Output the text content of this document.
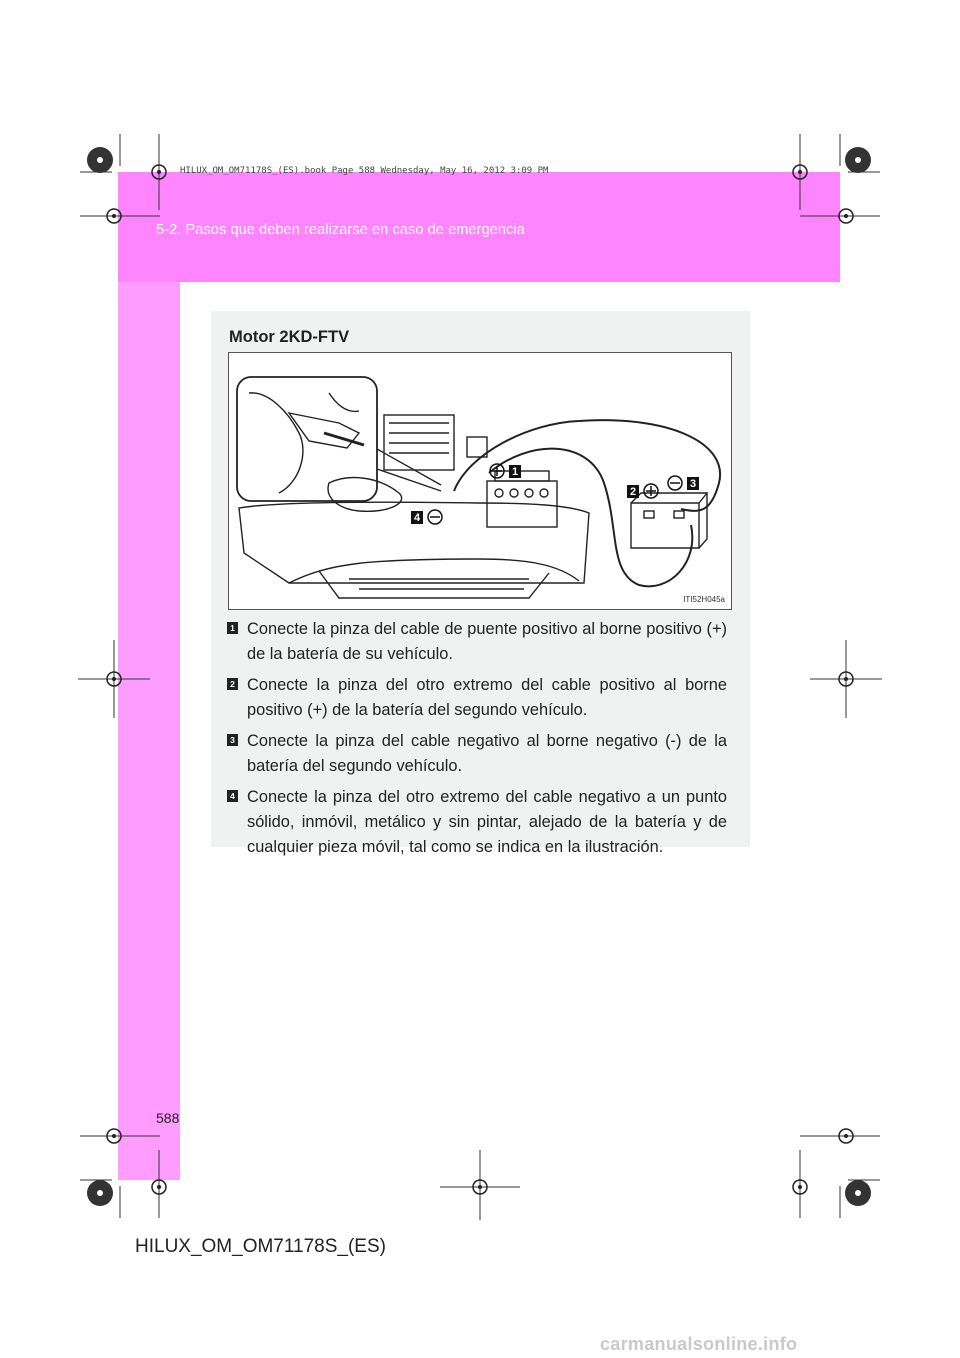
HILUX_OM_OM71178S_(ES).book Page 588 Wednesday, May 16, 2012 3:09 PM
5-2. Pasos que deben realizarse en caso de emergencia
Motor 2KD-FTV
1
2
3
4
ITI52H045a
1 Conecte la pinza del cable de puente positivo al borne positivo (+) de la batería de su vehículo.
2 Conecte la pinza del otro extremo del cable positivo al borne positivo (+) de la batería del segundo vehículo.
3 Conecte la pinza del cable negativo al borne negativo (-) de la batería del segundo vehículo.
4 Conecte la pinza del otro extremo del cable negativo a un punto sólido, inmóvil, metálico y sin pintar, alejado de la batería y de cualquier pieza móvil, tal como se indica en la ilustración.
588
HILUX_OM_OM71178S_(ES)
carmanualsonline.info
